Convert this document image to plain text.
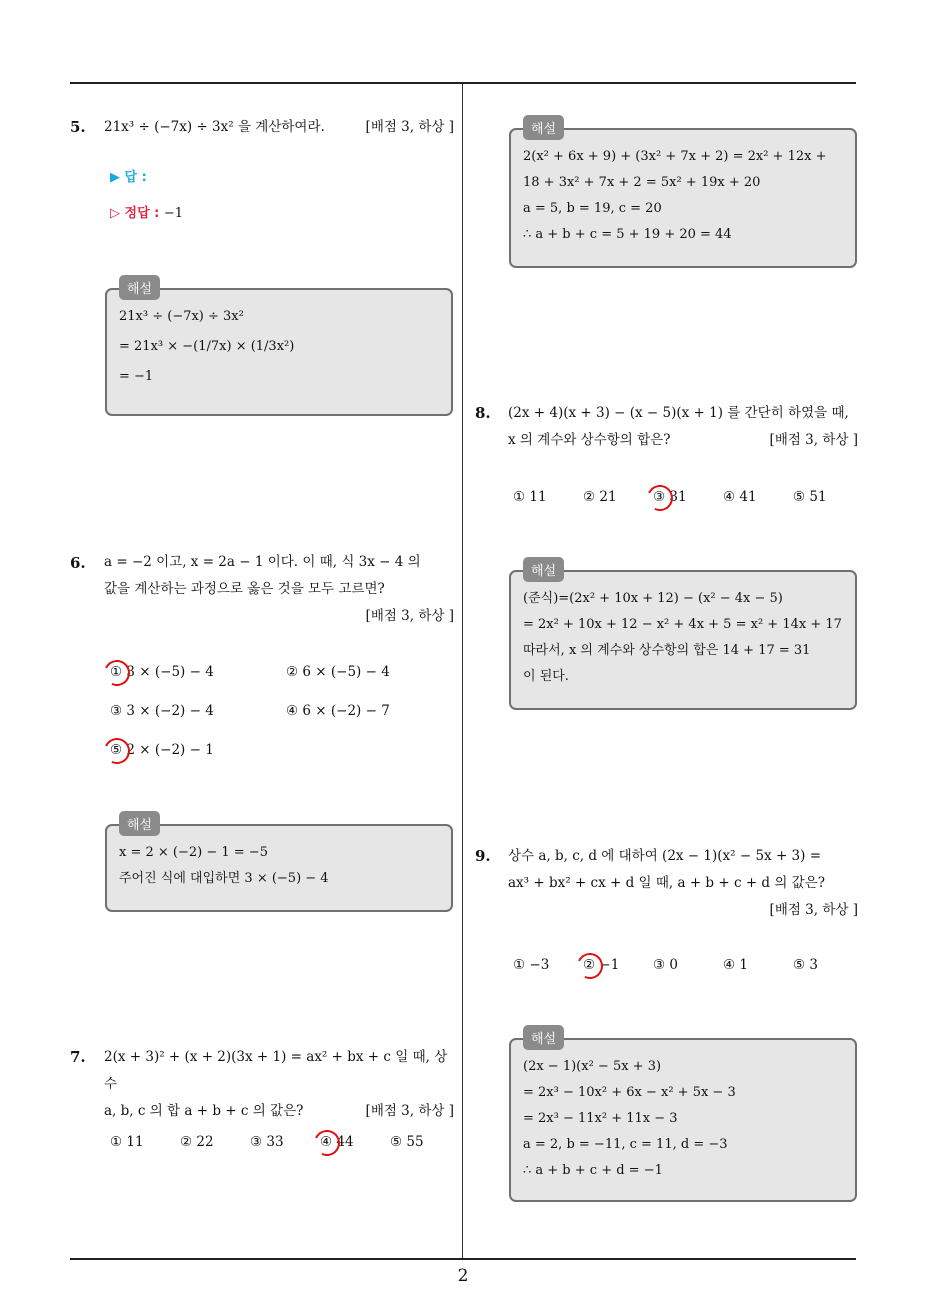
5. 21x³ ÷ (−7x) ÷ 3x² 을 계산하여라.	[배점 3, 하상 ]
▶ 답 :
▷ 정답 : −1
해설
21x³ ÷ (−7x) ÷ 3x²
= 21x³ × −(1/7x) × (1/3x²)
= −1
6. a = −2 이고, x = 2a − 1 이다. 이 때, 식 3x − 4 의
값을 계산하는 과정으로 옳은 것을 모두 고르면?
[배점 3, 하상 ]
① 3 × (−5) − 4	② 6 × (−5) − 4
③ 3 × (−2) − 4	④ 6 × (−2) − 7
⑤ 2 × (−2) − 1
해설
x = 2 × (−2) − 1 = −5
주어진 식에 대입하면 3 × (−5) − 4
7. 2(x + 3)² + (x + 2)(3x + 1) = ax² + bx + c 일 때, 상수
a, b, c 의 합 a + b + c 의 값은?	[배점 3, 하상 ]
① 11	② 22	③ 33	④ 44	⑤ 55
해설
2(x² + 6x + 9) + (3x² + 7x + 2) = 2x² + 12x +
18 + 3x² + 7x + 2 = 5x² + 19x + 20
a = 5, b = 19, c = 20
∴ a + b + c = 5 + 19 + 20 = 44
8. (2x + 4)(x + 3) − (x − 5)(x + 1) 를 간단히 하였을 때,
x 의 계수와 상수항의 합은?	[배점 3, 하상 ]
① 11	② 21	③ 31	④ 41	⑤ 51
해설
(준식)=(2x² + 10x + 12) − (x² − 4x − 5)
= 2x² + 10x + 12 − x² + 4x + 5 = x² + 14x + 17
따라서, x 의 계수와 상수항의 합은 14 + 17 = 31
이 된다.
9. 상수 a, b, c, d 에 대하여 (2x − 1)(x² − 5x + 3) =
ax³ + bx² + cx + d 일 때, a + b + c + d 의 값은?
[배점 3, 하상 ]
① −3 ② −1 ③ 0	④ 1	⑤ 3
해설
(2x − 1)(x² − 5x + 3)
= 2x³ − 10x² + 6x − x² + 5x − 3
= 2x³ − 11x² + 11x − 3
a = 2, b = −11, c = 11, d = −3
∴ a + b + c + d = −1
2
